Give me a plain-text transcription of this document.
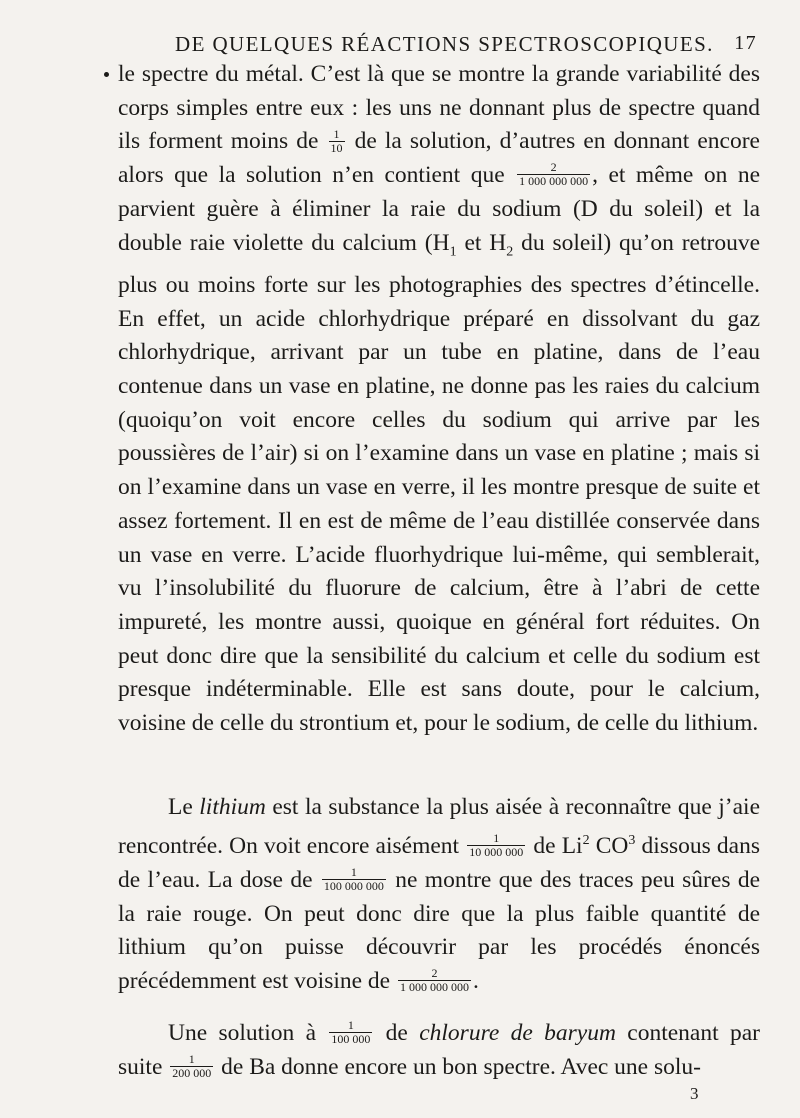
DE QUELQUES RÉACTIONS SPECTROSCOPIQUES. 17

le spectre du métal. C’est là que se montre la grande variabilité des corps simples entre eux : les uns ne donnant plus de spectre quand ils forment moins de $\frac{1}{10}$ de la solution, d’autres en donnant encore alors que la solution n’en contient que $\frac{2}{1 000 000 000}$ , et même on ne parvient guère à éliminer la raie du sodium (D du soleil) et la double raie violette du calcium ($H_1$ et $H_2$ du soleil) qu’on retrouve plus ou moins forte sur les photographies des spectres d’étincelle. En effet, un acide chlorhydrique préparé en dissolvant du gaz chlorhydrique, arrivant par un tube en platine, dans de l’eau contenue dans un vase en platine, ne donne pas les raies du calcium (quoiqu’on voit encore celles du sodium qui arrive par les poussières de l’air) si on l’examine dans un vase en platine ; mais si on l’examine dans un vase en verre, il les montre presque de suite et assez fortement. Il en est de même de l’eau distillée conservée dans un vase en verre. L’acide fluorhydrique lui-même, qui semblerait, vu l’insolubilité du fluorure de calcium, être à l’abri de cette impureté, les montre aussi, quoique en général fort réduites. On peut donc dire que la sensibilité du calcium et celle du sodium est presque indéterminable. Elle est sans doute, pour le calcium, voisine de celle du strontium et, pour le sodium, de celle du lithium.

Le lithium est la substance la plus aisée à reconnaître que j’aie rencontrée. On voit encore aisément $\frac{1}{10 000 000}$ de Li$^2$ $CO^3$ dissous dans de l’eau. La dose de $\frac{1}{100 000 000}$ ne montre que des traces peu sûres de la raie rouge. On peut donc dire que la plus faible quantité de lithium qu’on puisse découvrir par les procédés énoncés précédemment est voisine de $\frac{2}{1 000 000 000}$ .

Une solution à $\frac{1}{100 000}$ de chlorure de baryum contenant par suite $\frac{1}{200 000}$ de Ba donne encore un bon spectre. Avec une solu-

3
